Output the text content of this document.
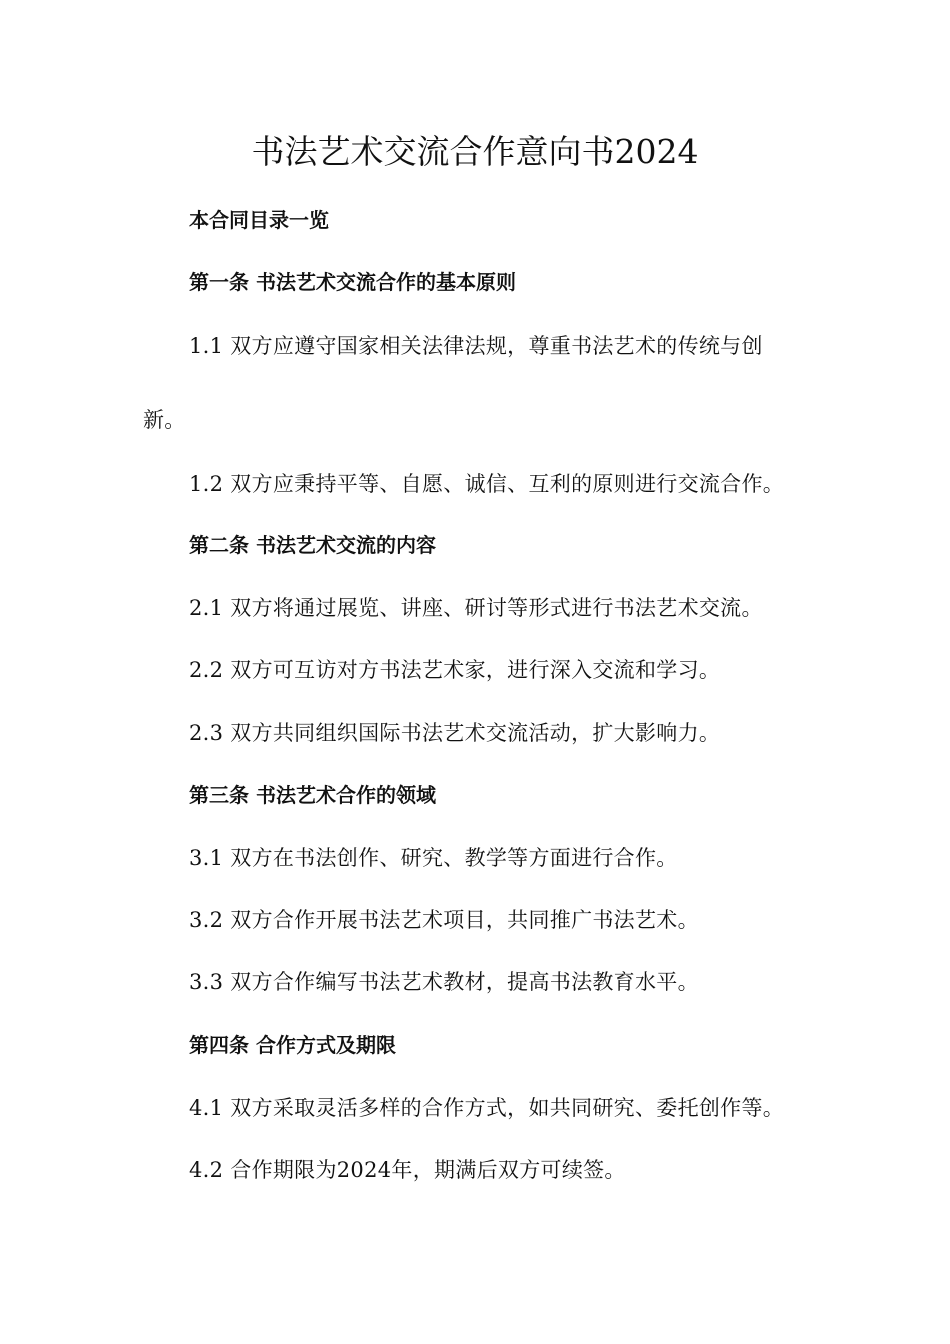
书法艺术交流合作意向书2024

本合同目录一览

第一条 书法艺术交流合作的基本原则

1.1 双方应遵守国家相关法律法规，尊重书法艺术的传统与创

新。

1.2 双方应秉持平等、自愿、诚信、互利的原则进行交流合作。

第二条 书法艺术交流的内容

2.1 双方将通过展览、讲座、研讨等形式进行书法艺术交流。

2.2 双方可互访对方书法艺术家，进行深入交流和学习。

2.3 双方共同组织国际书法艺术交流活动，扩大影响力。

第三条 书法艺术合作的领域

3.1 双方在书法创作、研究、教学等方面进行合作。

3.2 双方合作开展书法艺术项目，共同推广书法艺术。

3.3 双方合作编写书法艺术教材，提高书法教育水平。

第四条 合作方式及期限

4.1 双方采取灵活多样的合作方式，如共同研究、委托创作等。

4.2 合作期限为2024年，期满后双方可续签。
